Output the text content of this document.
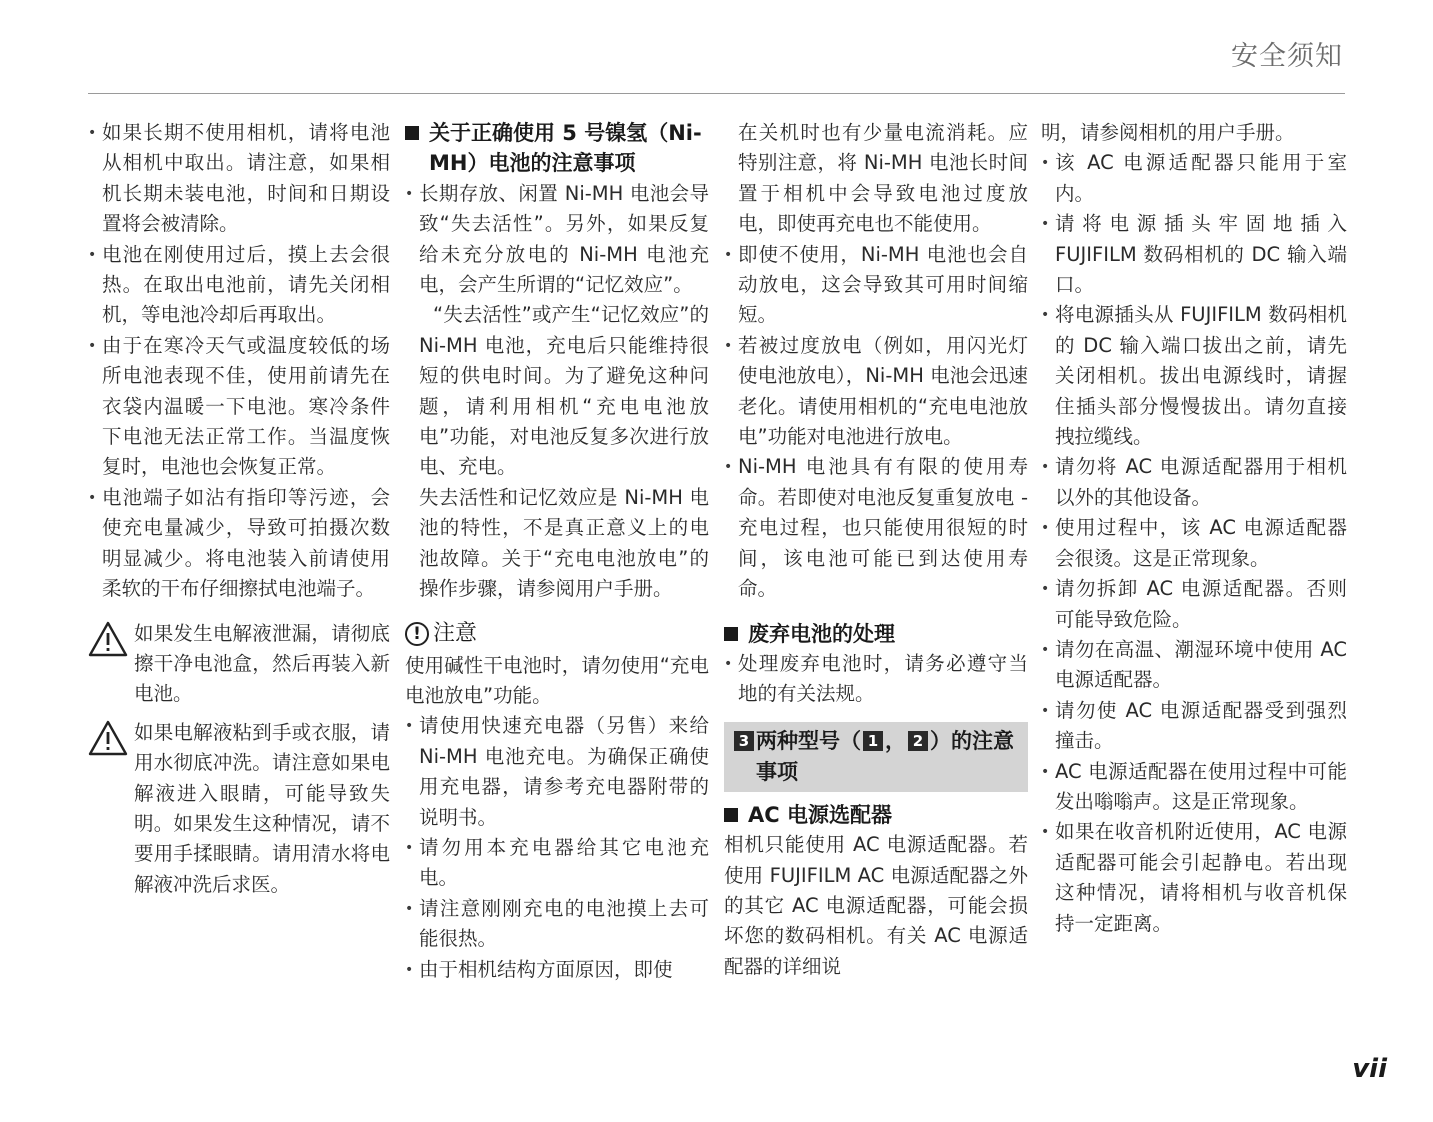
安全须知
• 如果长期不使用相机，请将电池从相机中取出。请注意，如果相机长期未装电池，时间和日期设置将会被清除。
• 电池在刚使用过后，摸上去会很热。在取出电池前，请先关闭相机，等电池冷却后再取出。
• 由于在寒冷天气或温度较低的场所电池表现不佳，使用前请先在衣袋内温暖一下电池。寒冷条件下电池无法正常工作。当温度恢复时，电池也会恢复正常。
• 电池端子如沾有指印等污迹，会使充电量减少，导致可拍摄次数明显减少。将电池装入前请使用柔软的干布仔细擦拭电池端子。
如果发生电解液泄漏，请彻底擦干净电池盒，然后再装入新电池。
如果电解液粘到手或衣服，请用水彻底冲洗。请注意如果电解液进入眼睛，可能导致失明。如果发生这种情况，请不要用手揉眼睛。请用清水将电解液冲洗后求医。
关于正确使用 5 号镍氢（Ni-MH）电池的注意事项
• 长期存放、闲置 Ni-MH 电池会导致“失去活性”。另外，如果反复给未充分放电的 Ni-MH 电池充电，会产生所谓的“记忆效应”。

“失去活性”或产生“记忆效应”的 Ni-MH 电池，充电后只能维持很短的供电时间。为了避免这种问题，请利用相机“充电电池放电”功能，对电池反复多次进行放电、充电。

失去活性和记忆效应是 Ni-MH 电池的特性，不是真正意义上的电池故障。关于“充电电池放电”的操作步骤，请参阅用户手册。

! 注意

使用碱性干电池时，请勿使用“充电电池放电”功能。

• 请使用快速充电器（另售）来给 Ni-MH 电池充电。为确保正确使用充电器，请参考充电器附带的说明书。
• 请勿用本充电器给其它电池充电。
• 请注意刚刚充电的电池摸上去可能很热。
• 由于相机结构方面原因，即使

在关机时也有少量电流消耗。应特别注意，将 Ni-MH 电池长时间置于相机中会导致电池过度放电，即使再充电也不能使用。

• 即使不使用，Ni-MH 电池也会自动放电，这会导致其可用时间缩短。
• 若被过度放电（例如，用闪光灯使电池放电），Ni-MH 电池会迅速老化。请使用相机的“充电电池放电”功能对电池进行放电。
• Ni-MH 电池具有有限的使用寿命。若即使对电池反复重复放电 - 充电过程，也只能使用很短的时间，该电池可能已到达使用寿命。
废弃电池的处理
• 处理废弃电池时，请务必遵守当地的有关法规。
3 两种型号（ 1 ， 2 ）的注意事项
AC 电源选配器

相机只能使用 AC 电源适配器。若使用 FUJIFILM AC 电源适配器之外的其它 AC 电源适配器，可能会损坏您的数码相机。有关 AC 电源适配器的详细说

明，请参阅相机的用户手册。

• 该 AC 电源适配器只能用于室内。
• 请将电源插头牢固地插入 FUJIFILM 数码相机的 DC 输入端口。
• 将电源插头从 FUJIFILM 数码相机的 DC 输入端口拔出之前，请先关闭相机。拔出电源线时，请握住插头部分慢慢拔出。请勿直接拽拉缆线。
• 请勿将 AC 电源适配器用于相机以外的其他设备。
• 使用过程中，该 AC 电源适配器会很烫。这是正常现象。
• 请勿拆卸 AC 电源适配器。否则可能导致危险。
• 请勿在高温、潮湿环境中使用 AC 电源适配器。
• 请勿使 AC 电源适配器受到强烈撞击。
• AC 电源适配器在使用过程中可能发出嗡嗡声。这是正常现象。
• 如果在收音机附近使用，AC 电源适配器可能会引起静电。若出现这种情况，请将相机与收音机保持一定距离。
vii
